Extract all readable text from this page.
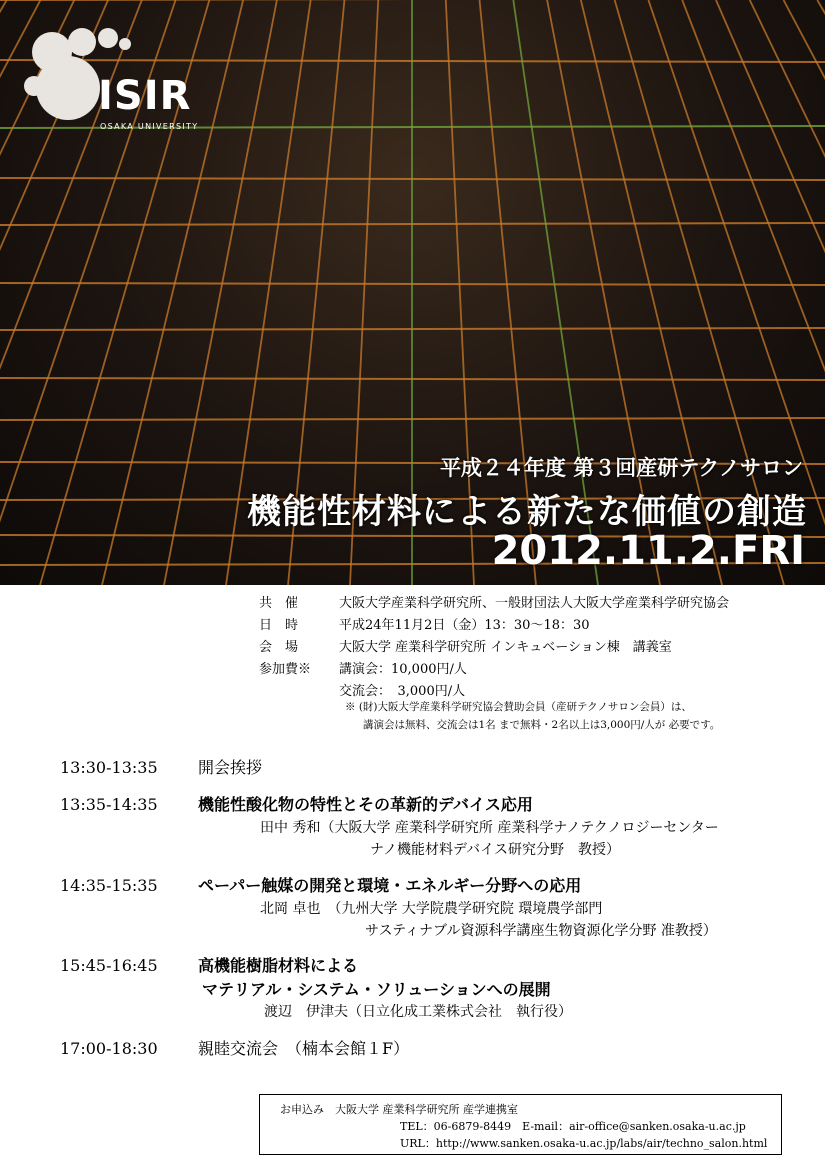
ISIR
OSAKA UNIVERSITY
平成２４年度 第３回産研テクノサロン
機能性材料による新たな価値の創造
2012.11.2.FRI
共　催	大阪大学産業科学研究所、一般財団法人大阪大学産業科学研究協会
日　時	平成24年11月2日（金）13：30～18：30
会　場	大阪大学 産業科学研究所 インキュベーション棟　講義室
参加費※	講演会：10,000円/人
交流会：　3,000円/人
※ (財)大阪大学産業科学研究協会賛助会員（産研テクノサロン会員）は、
講演会は無料、交流会は1名 まで無料・2名以上は3,000円/人が 必要です。
13:30-13:35	開会挨拶
13:35-14:35	機能性酸化物の特性とその革新的デバイス応用
田中 秀和（大阪大学 産業科学研究所 産業科学ナノテクノロジーセンター
ナノ機能材料デバイス研究分野　教授）
14:35-15:35	ペーパー触媒の開発と環境・エネルギー分野への応用
北岡 卓也　（九州大学 大学院農学研究院 環境農学部門
サスティナブル資源科学講座生物資源化学分野 准教授）
15:45-16:45	高機能樹脂材料による
マテリアル・システム・ソリューションへの展開
渡辺　伊津夫（日立化成工業株式会社　執行役）
17:00-18:30	親睦交流会　（楠本会館１F）
お申込み　大阪大学 産業科学研究所 産学連携室
TEL：06-6879-8449　E-mail：air-office@sanken.osaka-u.ac.jp
URL：http://www.sanken.osaka-u.ac.jp/labs/air/techno_salon.html
